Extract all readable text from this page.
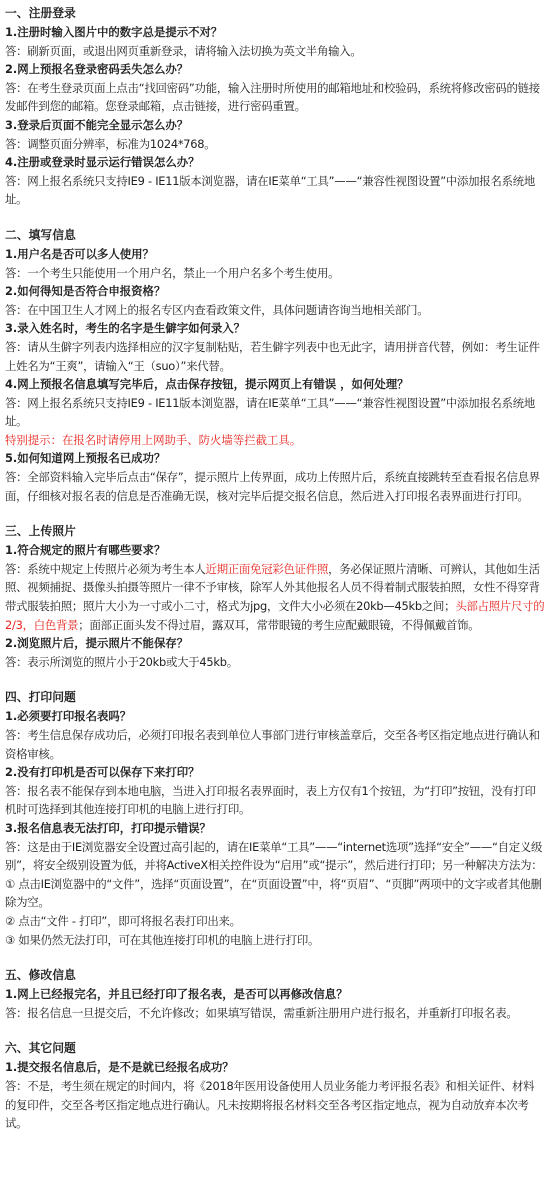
一、注册登录

1.注册时输入图片中的数字总是提示不对？

答：刷新页面，或退出网页重新登录，请将输入法切换为英文半角输入。

2.网上预报名登录密码丢失怎么办？

答：在考生登录页面上点击“找回密码”功能，输入注册时所使用的邮箱地址和校验码，系统将修改密码的链接发邮件到您的邮箱。您登录邮箱，点击链接，进行密码重置。

3.登录后页面不能完全显示怎么办？

答：调整页面分辨率，标准为1024*768。

4.注册或登录时显示运行错误怎么办？

答：网上报名系统只支持IE9 - IE11版本浏览器，请在IE菜单“工具”——“兼容性视图设置”中添加报名系统地址。

二、填写信息

1.用户名是否可以多人使用？

答：一个考生只能使用一个用户名，禁止一个用户名多个考生使用。

2.如何得知是否符合申报资格？

答：在中国卫生人才网上的报名专区内查看政策文件，具体问题请咨询当地相关部门。

3.录入姓名时，考生的名字是生僻字如何录入？

答：请从生僻字列表内选择相应的汉字复制粘贴，若生僻字列表中也无此字，请用拼音代替，例如：考生证件上姓名为“王爽”，请输入“王（suo）”来代替。

4.网上预报名信息填写完毕后，点击保存按钮，提示网页上有错误 ，如何处理？

答：网上报名系统只支持IE9 - IE11版本浏览器，请在IE菜单“工具”——“兼容性视图设置”中添加报名系统地址。

特别提示：在报名时请停用上网助手、防火墙等拦截工具。

5.如何知道网上预报名已成功？

答：全部资料输入完毕后点击“保存”，提示照片上传界面，成功上传照片后，系统直接跳转至查看报名信息界面，仔细核对报名表的信息是否准确无误，核对完毕后提交报名信息，然后进入打印报名表界面进行打印。

三、上传照片

1.符合规定的照片有哪些要求？

答：系统中规定上传照片必须为考生本人近期正面免冠彩色证件照，务必保证照片清晰、可辨认，其他如生活照、视频捕捉、摄像头拍摄等照片一律不予审核，除军人外其他报名人员不得着制式服装拍照，女性不得穿背带式服装拍照；照片大小为一寸或小二寸，格式为jpg，文件大小必须在20kb—45kb之间；头部占照片尺寸的2/3，白色背景；面部正面头发不得过眉，露双耳，常带眼镜的考生应配戴眼镜，不得佩戴首饰。

2.浏览照片后，提示照片不能保存？

答：表示所浏览的照片小于20kb或大于45kb。

四、打印问题

1.必须要打印报名表吗？

答：考生信息保存成功后，必须打印报名表到单位人事部门进行审核盖章后，交至各考区指定地点进行确认和资格审核。

2.没有打印机是否可以保存下来打印？

答：报名表不能保存到本地电脑，当进入打印报名表界面时，表上方仅有1个按钮，为“打印”按钮，没有打印机时可选择到其他连接打印机的电脑上进行打印。

3.报名信息表无法打印，打印提示错误？

答：这是由于IE浏览器安全设置过高引起的，请在IE菜单“工具”——“internet选项”选择“安全”——“自定义级别”，将安全级别设置为低，并将ActiveX相关控件设为“启用”或“提示”，然后进行打印；另一种解决方法为：

① 点击IE浏览器中的“文件”，选择“页面设置”，在“页面设置”中，将“页眉”、“页脚”两项中的文字或者其他删除为空。

② 点击“文件 - 打印”，即可将报名表打印出来。

③ 如果仍然无法打印，可在其他连接打印机的电脑上进行打印。

五、修改信息

1.网上已经报完名，并且已经打印了报名表，是否可以再修改信息？

答：报名信息一旦提交后，不允许修改；如果填写错误，需重新注册用户进行报名，并重新打印报名表。

六、其它问题

1.提交报名信息后，是不是就已经报名成功？

答：不是，考生须在规定的时间内，将《2018年医用设备使用人员业务能力考评报名表》和相关证件、材料的复印件，交至各考区指定地点进行确认。凡未按期将报名材料交至各考区指定地点，视为自动放弃本次考试。
